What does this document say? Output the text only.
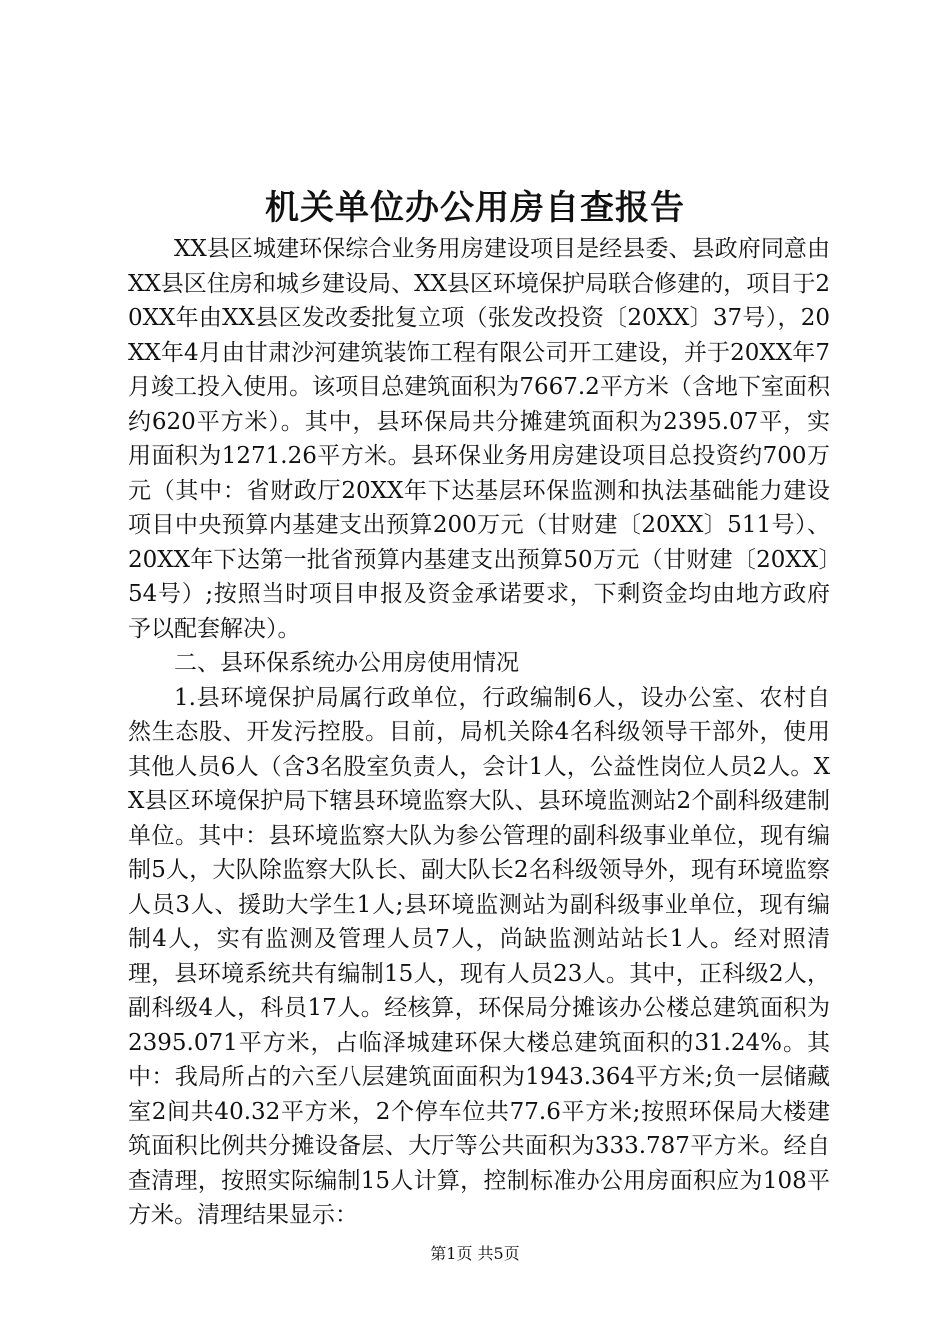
机关单位办公用房自查报告

XX县区城建环保综合业务用房建设项目是经县委、县政府同意由XX县区住房和城乡建设局、XX县区环境保护局联合修建的，项目于20XX年由XX县区发改委批复立项（张发改投资〔20XX〕37号），20XX年4月由甘肃沙河建筑装饰工程有限公司开工建设，并于20XX年7月竣工投入使用。该项目总建筑面积为7667.2平方米（含地下室面积约620平方米）。其中，县环保局共分摊建筑面积为2395.07平，实用面积为1271.26平方米。县环保业务用房建设项目总投资约700万元（其中：省财政厅20XX年下达基层环保监测和执法基础能力建设项目中央预算内基建支出预算200万元（甘财建〔20XX〕511号）、20XX年下达第一批省预算内基建支出预算50万元（甘财建〔20XX〕54号）;按照当时项目申报及资金承诺要求，下剩资金均由地方政府予以配套解决）。

二、县环保系统办公用房使用情况

1.县环境保护局属行政单位，行政编制6人，设办公室、农村自然生态股、开发污控股。目前，局机关除4名科级领导干部外，使用其他人员6人（含3名股室负责人，会计1人，公益性岗位人员2人。XX县区环境保护局下辖县环境监察大队、县环境监测站2个副科级建制单位。其中：县环境监察大队为参公管理的副科级事业单位，现有编制5人，大队除监察大队长、副大队长2名科级领导外，现有环境监察人员3人、援助大学生1人;县环境监测站为副科级事业单位，现有编制4人，实有监测及管理人员7人，尚缺监测站站长1人。经对照清理，县环境系统共有编制15人，现有人员23人。其中，正科级2人，副科级4人，科员17人。经核算，环保局分摊该办公楼总建筑面积为2395.071平方米，占临泽城建环保大楼总建筑面积的31.24%。其中：我局所占的六至八层建筑面面积为1943.364平方米;负一层储藏室2间共40.32平方米，2个停车位共77.6平方米;按照环保局大楼建筑面积比例共分摊设备层、大厅等公共面积为333.787平方米。经自查清理，按照实际编制15人计算，控制标准办公用房面积应为108平方米。清理结果显示：

第1页 共5页
